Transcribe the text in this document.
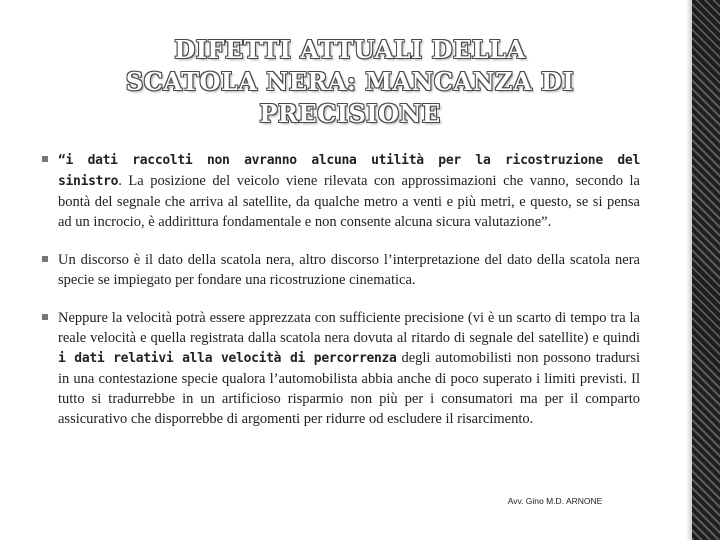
DIFETTI ATTUALI DELLA
SCATOLA NERA: MANCANZA DI
PRECISIONE
“i dati raccolti non avranno alcuna utilità per la ricostruzione del sinistro. La posizione del veicolo viene rilevata con approssimazioni che vanno, secondo la bontà del segnale che arriva al satellite, da qualche metro a venti e più metri, e questo, se si pensa ad un incrocio, è addirittura fondamentale e non consente alcuna sicura valutazione”.
Un discorso è il dato della scatola nera, altro discorso l’interpretazione del dato della scatola nera specie se impiegato per fondare una ricostruzione cinematica.
Neppure la velocità potrà essere apprezzata con sufficiente precisione (vi è un scarto di tempo tra la reale velocità e quella registrata dalla scatola nera dovuta al ritardo di segnale del satellite) e quindi i dati relativi alla velocità di percorrenza degli automobilisti non possono tradursi in una contestazione specie qualora l’automobilista abbia anche di poco superato i limiti previsti. Il tutto si tradurrebbe in un artificioso risparmio non più per i consumatori ma per il comparto assicurativo che disporrebbe di argomenti per ridurre od escludere il risarcimento.
Avv. Gino M.D. ARNONE
